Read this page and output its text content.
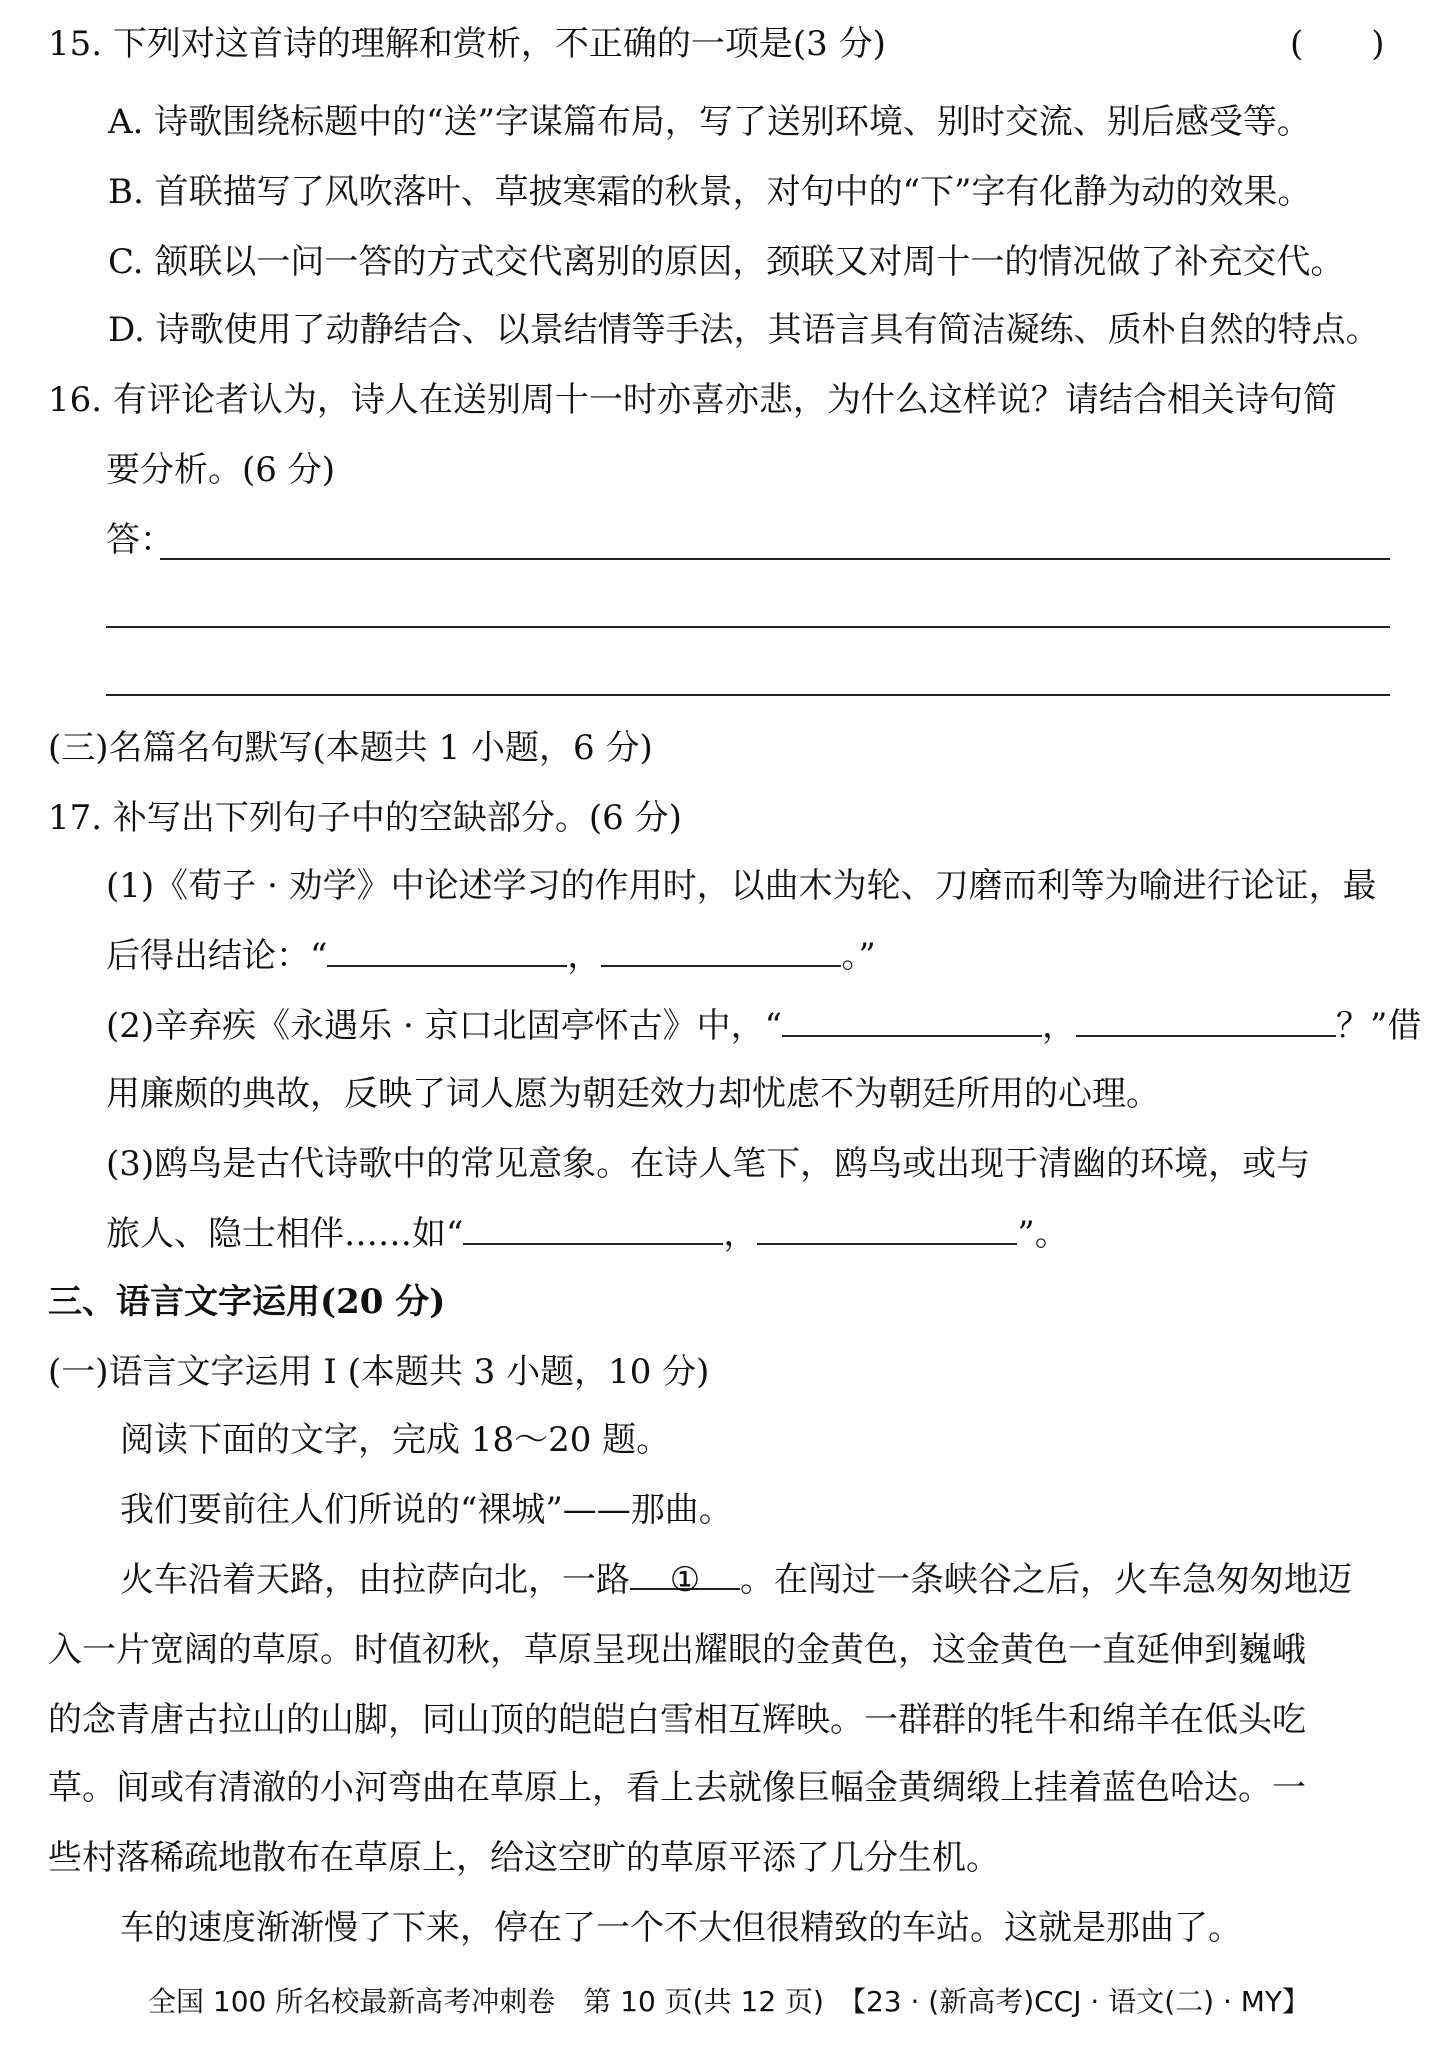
15. 下列对这首诗的理解和赏析，不正确的一项是(3 分)	(　　)
A. 诗歌围绕标题中的“送”字谋篇布局，写了送别环境、别时交流、别后感受等。
B. 首联描写了风吹落叶、草披寒霜的秋景，对句中的“下”字有化静为动的效果。
C. 颔联以一问一答的方式交代离别的原因，颈联又对周十一的情况做了补充交代。
D. 诗歌使用了动静结合、以景结情等手法，其语言具有简洁凝练、质朴自然的特点。
16. 有评论者认为，诗人在送别周十一时亦喜亦悲，为什么这样说？请结合相关诗句简
要分析。(6 分)
答：
(三)名篇名句默写(本题共 1 小题，6 分)
17. 补写出下列句子中的空缺部分。(6 分)
(1)《荀子 · 劝学》中论述学习的作用时，以曲木为轮、刀磨而利等为喻进行论证，最
后得出结论：“	，	。”
(2)辛弃疾《永遇乐 · 京口北固亭怀古》中，“	，	？”借
用廉颇的典故，反映了词人愿为朝廷效力却忧虑不为朝廷所用的心理。
(3)鸥鸟是古代诗歌中的常见意象。在诗人笔下，鸥鸟或出现于清幽的环境，或与
旅人、隐士相伴……如“	，	”。
三、语言文字运用(20 分)
(一)语言文字运用 Ⅰ (本题共 3 小题，10 分)
阅读下面的文字，完成 18～20 题。
我们要前往人们所说的“裸城”——那曲。
火车沿着天路，由拉萨向北，一路 ① 。在闯过一条峡谷之后，火车急匆匆地迈
入一片宽阔的草原。时值初秋，草原呈现出耀眼的金黄色，这金黄色一直延伸到巍峨
的念青唐古拉山的山脚，同山顶的皑皑白雪相互辉映。一群群的牦牛和绵羊在低头吃
草。间或有清澈的小河弯曲在草原上，看上去就像巨幅金黄绸缎上挂着蓝色哈达。一
些村落稀疏地散布在草原上，给这空旷的草原平添了几分生机。
车的速度渐渐慢了下来，停在了一个不大但很精致的车站。这就是那曲了。
全国 100 所名校最新高考冲刺卷　第 10 页(共 12 页)　【23 · (新高考)CCJ · 语文(二) · MY】
